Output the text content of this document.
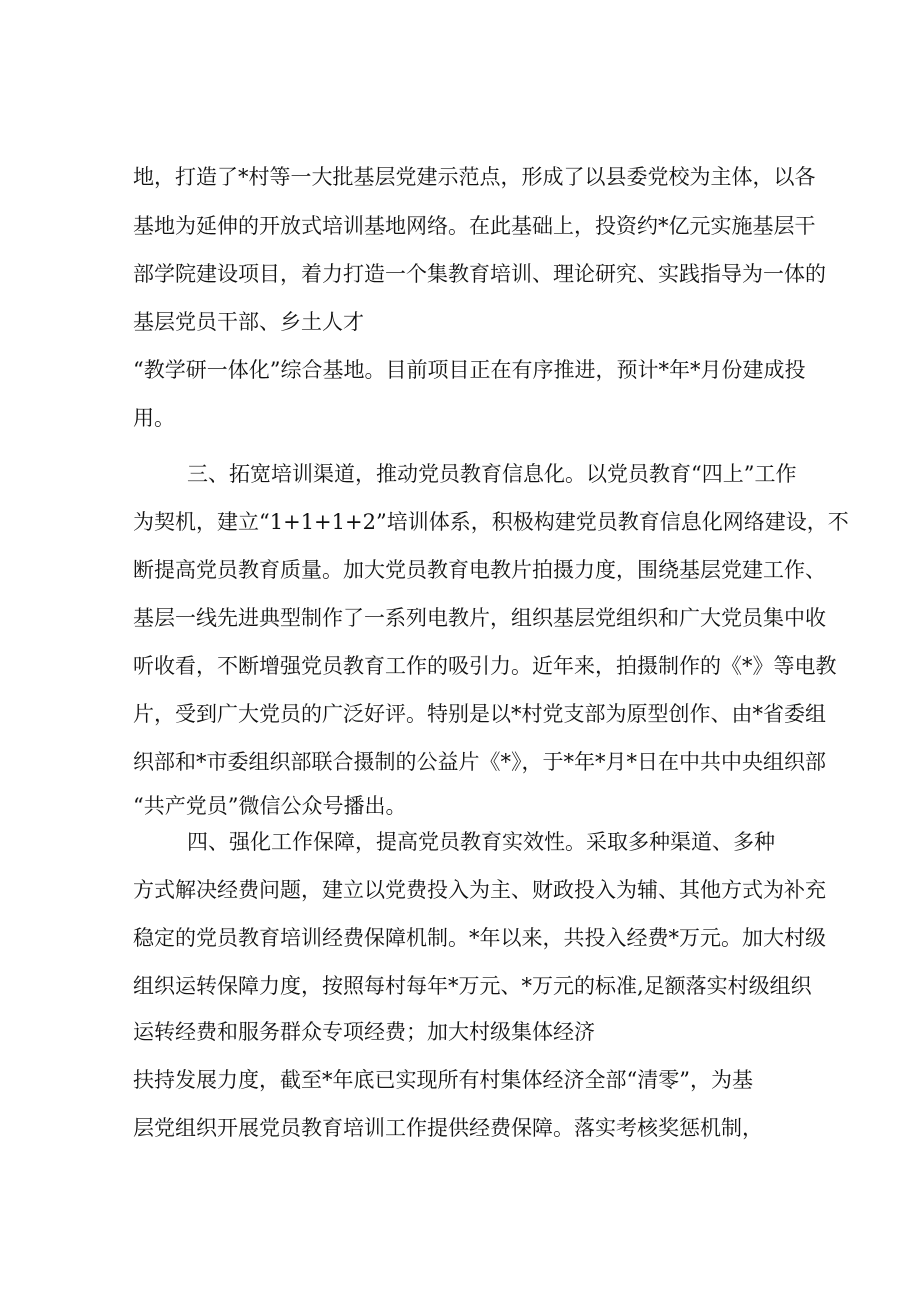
地，打造了*村等一大批基层党建示范点，形成了以县委党校为主体，以各

基地为延伸的开放式培训基地网络。在此基础上，投资约*亿元实施基层干

部学院建设项目，着力打造一个集教育培训、理论研究、实践指导为一体的

基层党员干部、乡土人才

“教学研一体化”综合基地。目前项目正在有序推进，预计*年*月份建成投

用。

三、拓宽培训渠道，推动党员教育信息化。以党员教育“四上”工作

为契机，建立“1+1+1+2”培训体系，积极构建党员教育信息化网络建设，不

断提高党员教育质量。加大党员教育电教片拍摄力度，围绕基层党建工作、

基层一线先进典型制作了一系列电教片，组织基层党组织和广大党员集中收

听收看，不断增强党员教育工作的吸引力。近年来，拍摄制作的《*》等电教

片，受到广大党员的广泛好评。特别是以*村党支部为原型创作、由*省委组

织部和*市委组织部联合摄制的公益片《*》，于*年*月*日在中共中央组织部

“共产党员”微信公众号播出。

四、强化工作保障，提高党员教育实效性。采取多种渠道、多种

方式解决经费问题，建立以党费投入为主、财政投入为辅、其他方式为补充

稳定的党员教育培训经费保障机制。*年以来，共投入经费*万元。加大村级

组织运转保障力度，按照每村每年*万元、*万元的标准,足额落实村级组织

运转经费和服务群众专项经费；加大村级集体经济

扶持发展力度，截至*年底已实现所有村集体经济全部“清零”，为基

层党组织开展党员教育培训工作提供经费保障。落实考核奖惩机制，
